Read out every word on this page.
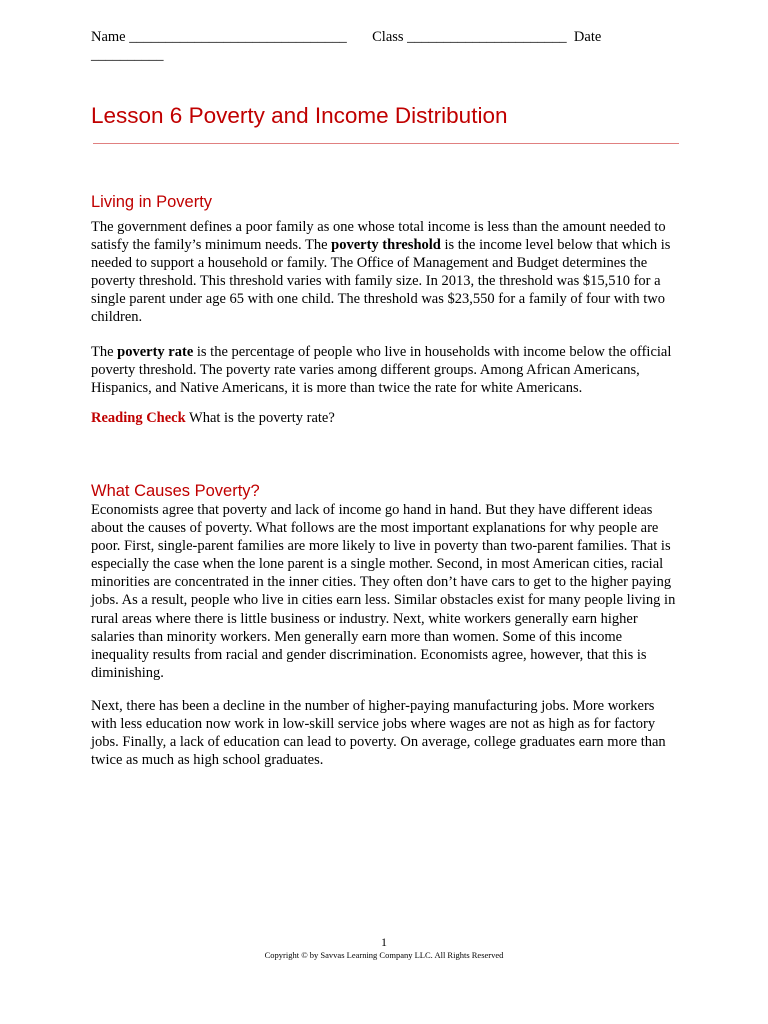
Name ______________________________       Class ______________________  Date
__________
Lesson 6 Poverty and Income Distribution
Living in Poverty

The government defines a poor family as one whose total income is less than the amount needed to satisfy the family’s minimum needs. The poverty threshold is the income level below that which is needed to support a household or family. The Office of Management and Budget determines the poverty threshold. This threshold varies with family size. In 2013, the threshold was $15,510 for a single parent under age 65 with one child. The threshold was $23,550 for a family of four with two children.

The poverty rate is the percentage of people who live in households with income below the official poverty threshold. The poverty rate varies among different groups. Among African Americans, Hispanics, and Native Americans, it is more than twice the rate for white Americans.

Reading Check What is the poverty rate?

What Causes Poverty?

Economists agree that poverty and lack of income go hand in hand. But they have different ideas about the causes of poverty. What follows are the most important explanations for why people are poor. First, single-parent families are more likely to live in poverty than two-parent families. That is especially the case when the lone parent is a single mother. Second, in most American cities, racial minorities are concentrated in the inner cities. They often don’t have cars to get to the higher paying jobs. As a result, people who live in cities earn less. Similar obstacles exist for many people living in rural areas where there is little business or industry. Next, white workers generally earn higher salaries than minority workers. Men generally earn more than women. Some of this income inequality results from racial and gender discrimination. Economists agree, however, that this is diminishing.

Next, there has been a decline in the number of higher-paying manufacturing jobs. More workers with less education now work in low-skill service jobs where wages are not as high as for factory jobs. Finally, a lack of education can lead to poverty. On average, college graduates earn more than twice as much as high school graduates.

1
Copyright © by Savvas Learning Company LLC. All Rights Reserved
